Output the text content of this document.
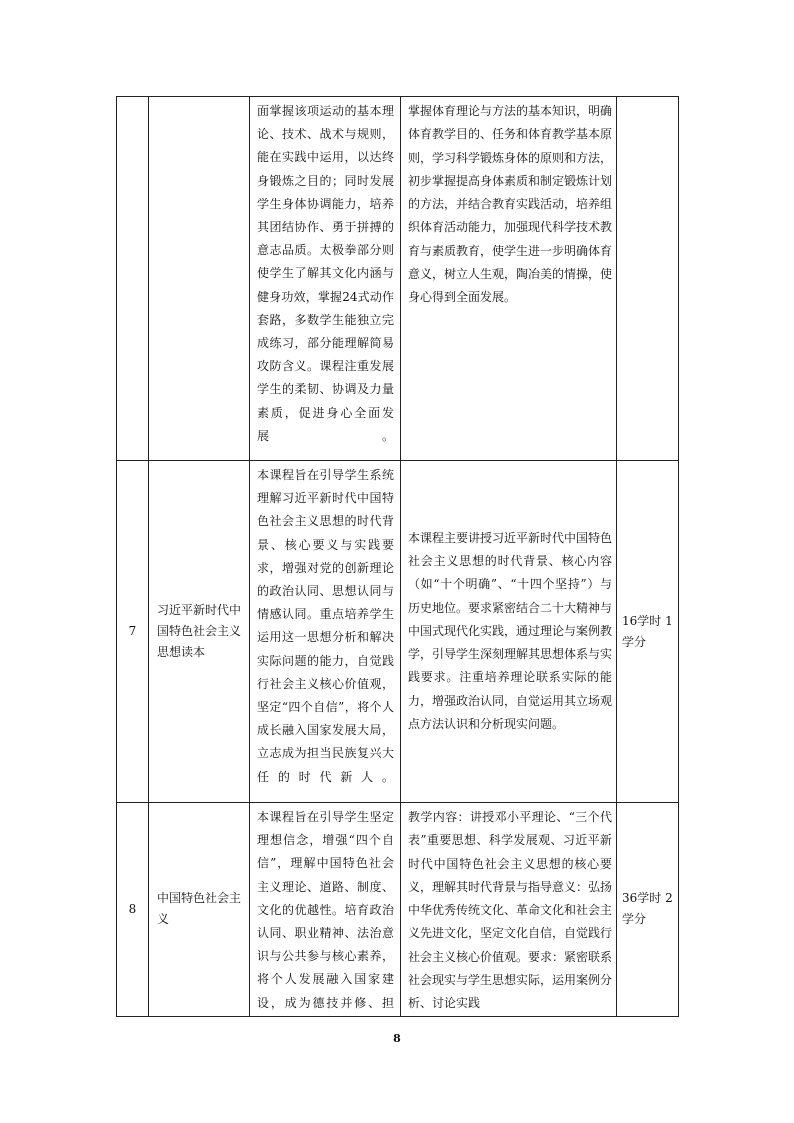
		面掌握该项运动的基本理论、技术、战术与规则，能在实践中运用，以达终身锻炼之目的；同时发展学生身体协调能力，培养其团结协作、勇于拼搏的意志品质。太极拳部分则使学生了解其文化内涵与健身功效，掌握24式动作套路，多数学生能独立完成练习，部分能理解简易攻防含义。课程注重发展学生的柔韧、协调及力量素质，促进身心全面发展。	掌握体育理论与方法的基本知识，明确体育教学目的、任务和体育教学基本原则，学习科学锻炼身体的原则和方法，初步掌握提高身体素质和制定锻炼计划的方法，并结合教育实践活动，培养组织体育活动能力，加强现代科学技术教育与素质教育，使学生进一步明确体育意义，树立人生观，陶冶美的情操，使身心得到全面发展。	
7	习近平新时代中国特色社会主义思想读本	本课程旨在引导学生系统理解习近平新时代中国特色社会主义思想的时代背景、核心要义与实践要求，增强对党的创新理论的政治认同、思想认同与情感认同。重点培养学生运用这一思想分析和解决实际问题的能力，自觉践行社会主义核心价值观，坚定“四个自信”，将个人成长融入国家发展大局，立志成为担当民族复兴大任的时代新人。	本课程主要讲授习近平新时代中国特色社会主义思想的时代背景、核心内容（如“十个明确”、“十四个坚持”）与历史地位。要求紧密结合二十大精神与中国式现代化实践，通过理论与案例教学，引导学生深刻理解其思想体系与实践要求。注重培养理论联系实际的能力，增强政治认同，自觉运用其立场观点方法认识和分析现实问题。	16学时 1学分
8	中国特色社会主义	本课程旨在引导学生坚定理想信念，增强“四个自信”，理解中国特色社会主义理论、道路、制度、文化的优越性。培育政治认同、职业精神、法治意识与公共参与核心素养，将个人发展融入国家建设，成为德技并修、担	教学内容：讲授邓小平理论、“三个代表”重要思想、科学发展观、习近平新时代中国特色社会主义思想的核心要义，理解其时代背景与指导意义：弘扬中华优秀传统文化、革命文化和社会主义先进文化，坚定文化自信，自觉践行社会主义核心价值观。要求：紧密联系社会现实与学生思想实际，运用案例分析、讨论实践	36学时 2学分
8
